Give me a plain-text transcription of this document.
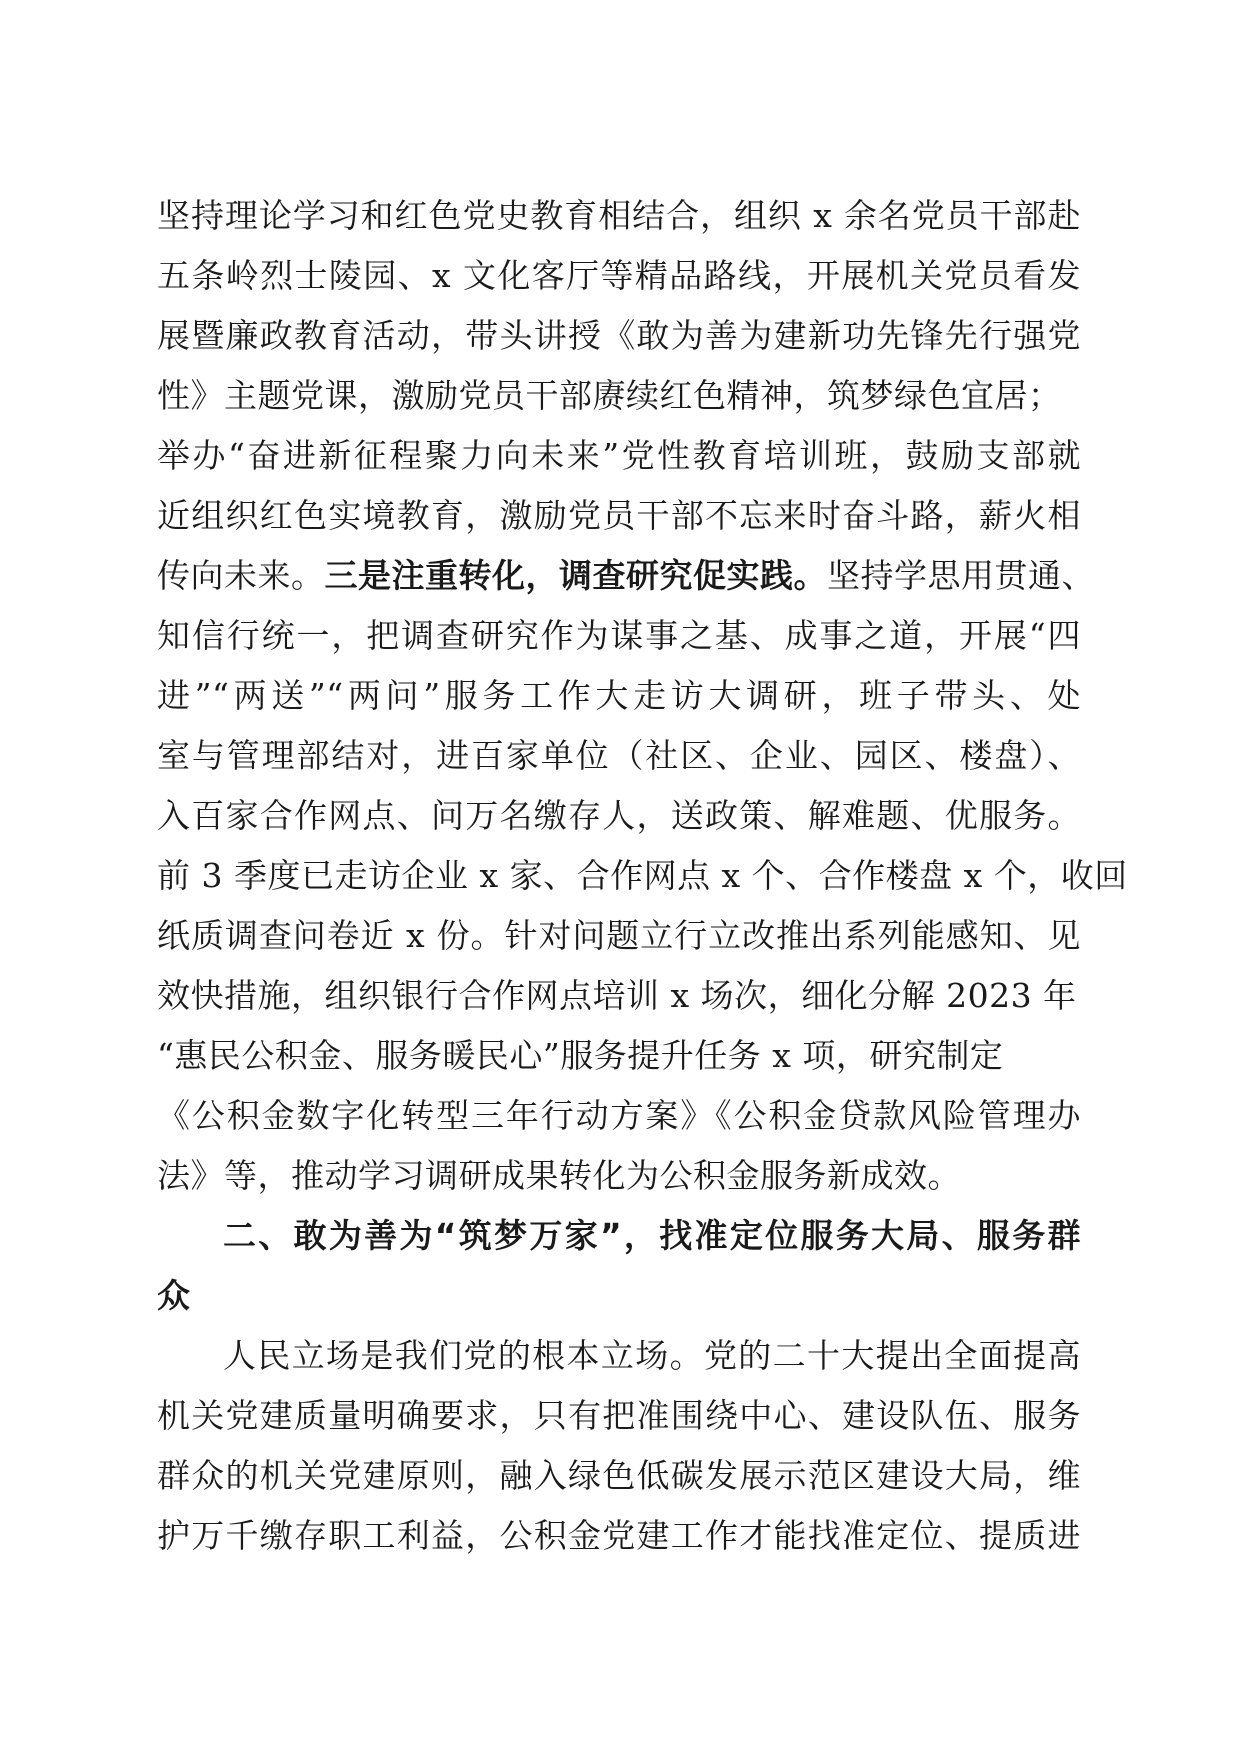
坚持理论学习和红色党史教育相结合，组织 x 余名党员干部赴
五条岭烈士陵园、x 文化客厅等精品路线，开展机关党员看发
展暨廉政教育活动，带头讲授《敢为善为建新功先锋先行强党
性》主题党课，激励党员干部赓续红色精神，筑梦绿色宜居；
举办“奋进新征程聚力向未来”党性教育培训班，鼓励支部就
近组织红色实境教育，激励党员干部不忘来时奋斗路，薪火相
传向未来。三是注重转化，调查研究促实践。坚持学思用贯通、
知信行统一，把调查研究作为谋事之基、成事之道，开展“四
进”“两送”“两问”服务工作大走访大调研，班子带头、处
室与管理部结对，进百家单位（社区、企业、园区、楼盘）、
入百家合作网点、问万名缴存人，送政策、解难题、优服务。
前 3 季度已走访企业 x 家、合作网点 x 个、合作楼盘 x 个，收回
纸质调查问卷近 x 份。针对问题立行立改推出系列能感知、见
效快措施，组织银行合作网点培训 x 场次，细化分解 2023 年
“惠民公积金、服务暖民心”服务提升任务 x 项，研究制定
《公积金数字化转型三年行动方案》《公积金贷款风险管理办
法》等，推动学习调研成果转化为公积金服务新成效。
二、敢为善为“筑梦万家”，找准定位服务大局、服务群
众
人民立场是我们党的根本立场。党的二十大提出全面提高
机关党建质量明确要求，只有把准围绕中心、建设队伍、服务
群众的机关党建原则，融入绿色低碳发展示范区建设大局，维
护万千缴存职工利益，公积金党建工作才能找准定位、提质进
